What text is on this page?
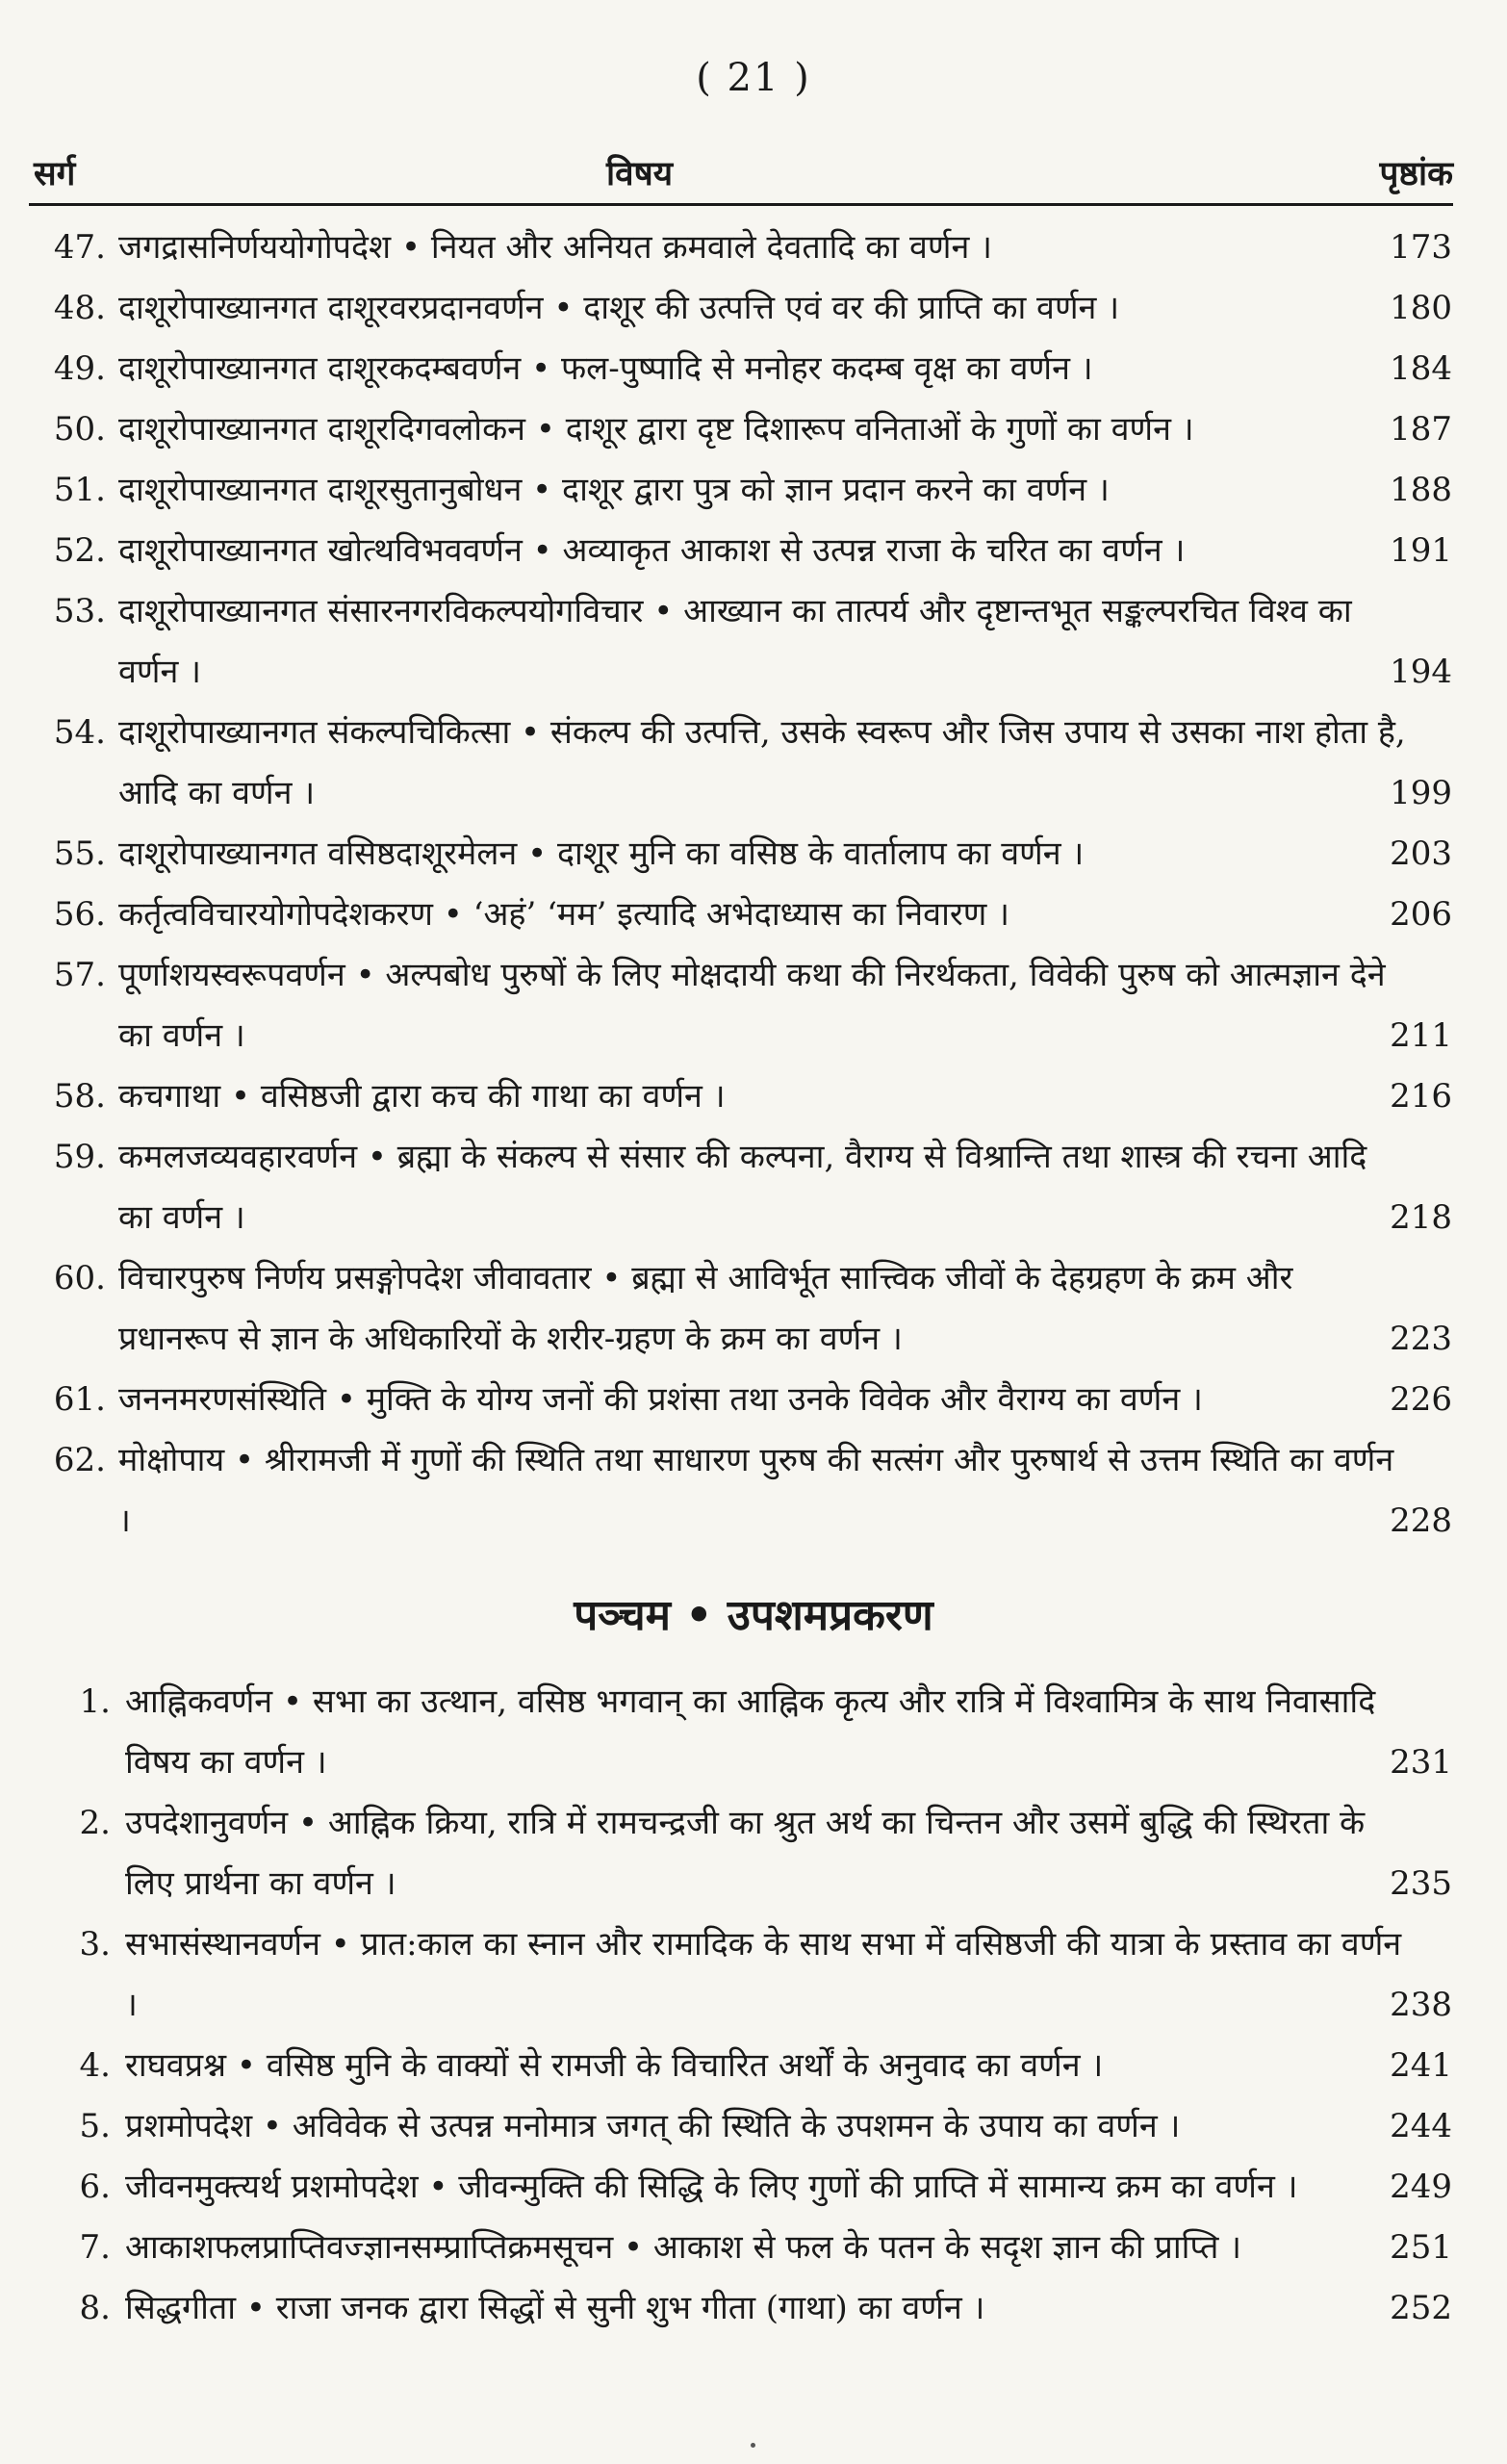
( 21 )
सर्ग	विषय	पृष्ठांक
47. जगद्रासनिर्णययोगोपदेश • नियत और अनियत क्रमवाले देवतादि का वर्णन ।	173
48. दाशूरोपाख्यानगत दाशूरवरप्रदानवर्णन • दाशूर की उत्पत्ति एवं वर की प्राप्ति का वर्णन ।	180
49. दाशूरोपाख्यानगत दाशूरकदम्बवर्णन • फल-पुष्पादि से मनोहर कदम्ब वृक्ष का वर्णन ।	184
50. दाशूरोपाख्यानगत दाशूरदिगवलोकन • दाशूर द्वारा दृष्ट दिशारूप वनिताओं के गुणों का वर्णन ।	187
51. दाशूरोपाख्यानगत दाशूरसुतानुबोधन • दाशूर द्वारा पुत्र को ज्ञान प्रदान करने का वर्णन ।	188
52. दाशूरोपाख्यानगत खोत्थविभववर्णन • अव्याकृत आकाश से उत्पन्न राजा के चरित का वर्णन ।	191
53. दाशूरोपाख्यानगत संसारनगरविकल्पयोगविचार • आख्यान का तात्पर्य और दृष्टान्तभूत सङ्कल्परचित विश्व का वर्णन ।	194
54. दाशूरोपाख्यानगत संकल्पचिकित्सा • संकल्प की उत्पत्ति, उसके स्वरूप और जिस उपाय से उसका नाश होता है, आदि का वर्णन ।	199
55. दाशूरोपाख्यानगत वसिष्ठदाशूरमेलन • दाशूर मुनि का वसिष्ठ के वार्तालाप का वर्णन ।	203
56. कर्तृत्वविचारयोगोपदेशकरण • ‘अहं’ ‘मम’ इत्यादि अभेदाध्यास का निवारण ।	206
57. पूर्णाशयस्वरूपवर्णन • अल्पबोध पुरुषों के लिए मोक्षदायी कथा की निरर्थकता, विवेकी पुरुष को आत्मज्ञान देने का वर्णन ।	211
58. कचगाथा • वसिष्ठजी द्वारा कच की गाथा का वर्णन ।	216
59. कमलजव्यवहारवर्णन • ब्रह्मा के संकल्प से संसार की कल्पना, वैराग्य से विश्रान्ति तथा शास्त्र की रचना आदि का वर्णन ।	218
60. विचारपुरुष निर्णय प्रसङ्गोपदेश जीवावतार • ब्रह्मा से आविर्भूत सात्त्विक जीवों के देहग्रहण के क्रम और प्रधानरूप से ज्ञान के अधिकारियों के शरीर-ग्रहण के क्रम का वर्णन ।	223
61. जननमरणसंस्थिति • मुक्ति के योग्य जनों की प्रशंसा तथा उनके विवेक और वैराग्य का वर्णन ।	226
62. मोक्षोपाय • श्रीरामजी में गुणों की स्थिति तथा साधारण पुरुष की सत्संग और पुरुषार्थ से उत्तम स्थिति का वर्णन ।	228
पञ्चम • उपशमप्रकरण
1. आह्निकवर्णन • सभा का उत्थान, वसिष्ठ भगवान् का आह्निक कृत्य और रात्रि में विश्वामित्र के साथ निवासादि विषय का वर्णन ।	231
2. उपदेशानुवर्णन • आह्निक क्रिया, रात्रि में रामचन्द्रजी का श्रुत अर्थ का चिन्तन और उसमें बुद्धि की स्थिरता के लिए प्रार्थना का वर्णन ।	235
3. सभासंस्थानवर्णन • प्रात:काल का स्नान और रामादिक के साथ सभा में वसिष्ठजी की यात्रा के प्रस्ताव का वर्णन ।	238
4. राघवप्रश्न • वसिष्ठ मुनि के वाक्यों से रामजी के विचारित अर्थों के अनुवाद का वर्णन ।	241
5. प्रशमोपदेश • अविवेक से उत्पन्न मनोमात्र जगत् की स्थिति के उपशमन के उपाय का वर्णन ।	244
6. जीवनमुक्त्यर्थ प्रशमोपदेश • जीवन्मुक्ति की सिद्धि के लिए गुणों की प्राप्ति में सामान्य क्रम का वर्णन ।	249
7. आकाशफलप्राप्तिवज्ज्ञानसम्प्राप्तिक्रमसूचन • आकाश से फल के पतन के सदृश ज्ञान की प्राप्ति ।	251
8. सिद्धगीता • राजा जनक द्वारा सिद्धों से सुनी शुभ गीता (गाथा) का वर्णन ।	252
